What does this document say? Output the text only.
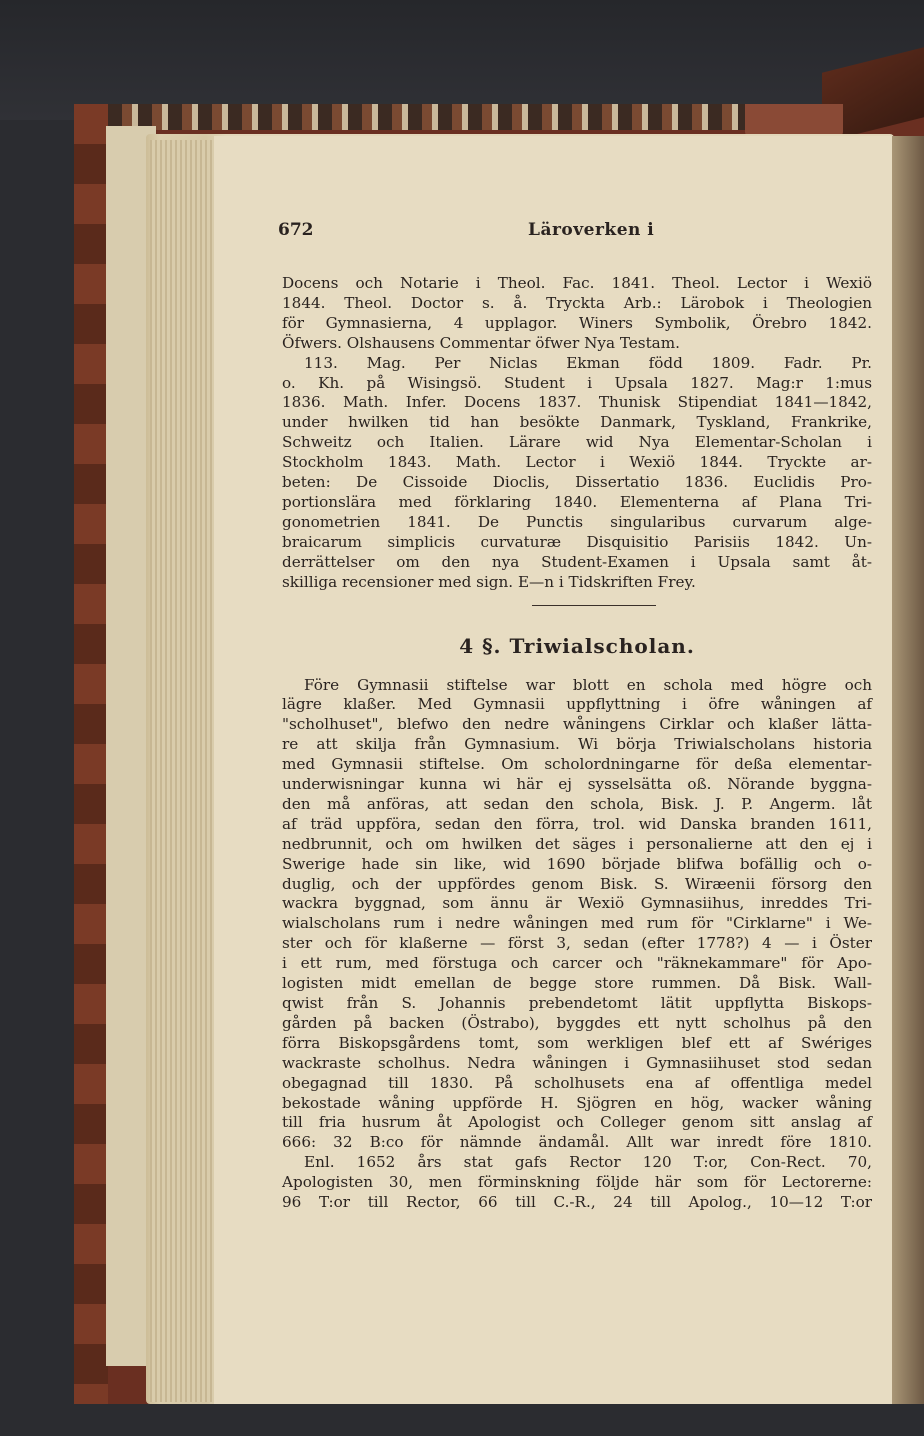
672	Läroverken i
Docens och Notarie i Theol. Fac. 1841. Theol. Lector i Wexiö
1844. Theol. Doctor s. å. Tryckta Arb.: Lärobok i Theologien
för Gymnasierna, 4 upplagor. Winers Symbolik, Örebro 1842.
Öfwers. Olshausens Commentar öfwer Nya Testam.
113. Mag. Per Niclas Ekman född 1809. Fadr. Pr.
o. Kh. på Wisingsö. Student i Upsala 1827. Mag:r 1:mus
1836. Math. Infer. Docens 1837. Thunisk Stipendiat 1841—1842,
under hwilken tid han besökte Danmark, Tyskland, Frankrike,
Schweitz och Italien. Lärare wid Nya Elementar-Scholan i
Stockholm 1843. Math. Lector i Wexiö 1844. Tryckte ar-
beten: De Cissoide Dioclis, Dissertatio 1836. Euclidis Pro-
portionslära med förklaring 1840. Elementerna af Plana Tri-
gonometrien 1841. De Punctis singularibus curvarum alge-
braicarum simplicis curvaturæ Disquisitio Parisiis 1842. Un-
derrättelser om den nya Student-Examen i Upsala samt åt-
skilliga recensioner med sign. E—n i Tidskriften Frey.
4 §. Triwialscholan.
Före Gymnasii stiftelse war blott en schola med högre och
lägre klaßer. Med Gymnasii uppflyttning i öfre wåningen af
"scholhuset", blefwo den nedre wåningens Cirklar och klaßer lätta-
re att skilja från Gymnasium. Wi börja Triwialscholans historia
med Gymnasii stiftelse. Om scholordningarne för deßa elementar-
underwisningar kunna wi här ej sysselsätta oß. Nörande byggna-
den må anföras, att sedan den schola, Bisk. J. P. Angerm. låt
af träd uppföra, sedan den förra, trol. wid Danska branden 1611,
nedbrunnit, och om hwilken det säges i personalierne att den ej i
Swerige hade sin like, wid 1690 började blifwa bofällig och o-
duglig, och der uppfördes genom Bisk. S. Wiræenii försorg den
wackra byggnad, som ännu är Wexiö Gymnasiihus, inreddes Tri-
wialscholans rum i nedre wåningen med rum för "Cirklarne" i We-
ster och för klaßerne — först 3, sedan (efter 1778?) 4 — i Öster
i ett rum, med förstuga och carcer och "räknekammare" för Apo-
logisten midt emellan de begge store rummen. Då Bisk. Wall-
qwist från S. Johannis prebendetomt lätit uppflytta Biskops-
gården på backen (Östrabo), byggdes ett nytt scholhus på den
förra Biskopsgårdens tomt, som werkligen blef ett af Swériges
wackraste scholhus. Nedra wåningen i Gymnasiihuset stod sedan
obegagnad till 1830. På scholhusets ena af offentliga medel
bekostade wåning uppförde H. Sjögren en hög, wacker wåning
till fria husrum åt Apologist och Colleger genom sitt anslag af
666: 32 B:co för nämnde ändamål. Allt war inredt före 1810.
Enl. 1652 års stat gafs Rector 120 T:or, Con-Rect. 70,
Apologisten 30, men förminskning följde här som för Lectorerne:
96 T:or till Rector, 66 till C.-R., 24 till Apolog., 10—12 T:or
